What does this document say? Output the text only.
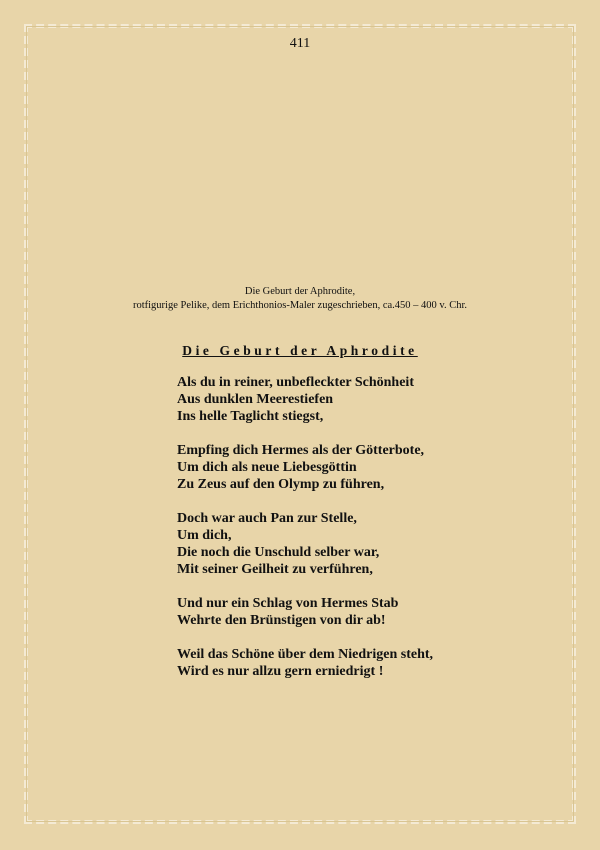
411
Die Geburt der Aphrodite,
rotfigurige Pelike, dem Erichthonios-Maler zugeschrieben, ca.450 – 400 v. Chr.
Die Geburt der Aphrodite
Als du in reiner, unbefleckter Schönheit
Aus dunklen Meerestiefen
Ins helle Taglicht stiegst,
Empfing dich Hermes als der Götterbote,
Um dich als neue Liebesgöttin
Zu Zeus auf den Olymp zu führen,
Doch war auch Pan zur Stelle,
Um dich,
Die noch die Unschuld selber war,
Mit seiner Geilheit zu verführen,
Und nur ein Schlag von Hermes Stab
Wehrte den Brünstigen von dir ab!
Weil das Schöne über dem Niedrigen steht,
Wird es nur allzu gern erniedrigt !
